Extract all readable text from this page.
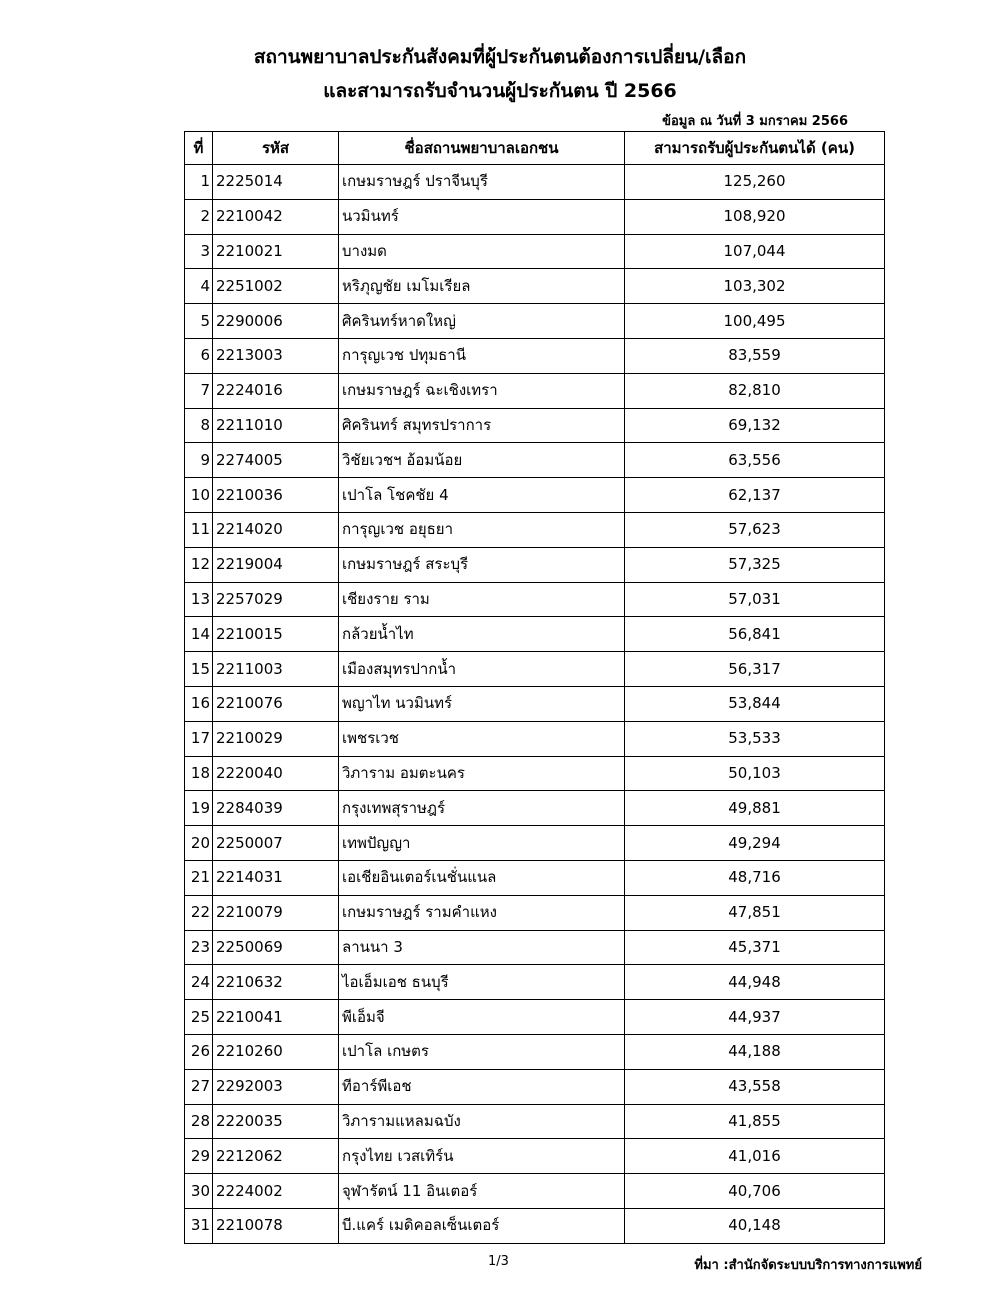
สถานพยาบาลประกันสังคมที่ผู้ประกันตนต้องการเปลี่ยน/เลือก
และสามารถรับจำนวนผู้ประกันตน ปี 2566
ข้อมูล ณ วันที่ 3 มกราคม 2566
ที่	รหัส	ชื่อสถานพยาบาลเอกชน	สามารถรับผู้ประกันตนได้ (คน)
1	2225014	เกษมราษฎร์ ปราจีนบุรี	125,260
2	2210042	นวมินทร์	108,920
3	2210021	บางมด	107,044
4	2251002	หริภุญชัย เมโมเรียล	103,302
5	2290006	ศิครินทร์หาดใหญ่	100,495
6	2213003	การุญเวช ปทุมธานี	83,559
7	2224016	เกษมราษฎร์ ฉะเชิงเทรา	82,810
8	2211010	ศิครินทร์ สมุทรปราการ	69,132
9	2274005	วิชัยเวชฯ อ้อมน้อย	63,556
10	2210036	เปาโล โชคชัย 4	62,137
11	2214020	การุญเวช อยุธยา	57,623
12	2219004	เกษมราษฎร์ สระบุรี	57,325
13	2257029	เชียงราย ราม	57,031
14	2210015	กล้วยน้ำไท	56,841
15	2211003	เมืองสมุทรปากน้ำ	56,317
16	2210076	พญาไท นวมินทร์	53,844
17	2210029	เพชรเวช	53,533
18	2220040	วิภาราม อมตะนคร	50,103
19	2284039	กรุงเทพสุราษฎร์	49,881
20	2250007	เทพปัญญา	49,294
21	2214031	เอเชียอินเตอร์เนชั่นแนล	48,716
22	2210079	เกษมราษฎร์ รามคำแหง	47,851
23	2250069	ลานนา 3	45,371
24	2210632	ไอเอ็มเอช ธนบุรี	44,948
25	2210041	พีเอ็มจี	44,937
26	2210260	เปาโล เกษตร	44,188
27	2292003	ทีอาร์พีเอช	43,558
28	2220035	วิภารามแหลมฉบัง	41,855
29	2212062	กรุงไทย เวสเทิร์น	41,016
30	2224002	จุฬารัตน์ 11 อินเตอร์	40,706
31	2210078	บี.แคร์ เมดิคอลเซ็นเตอร์	40,148
1/3	ที่มา :สำนักจัดระบบบริการทางการแพทย์
